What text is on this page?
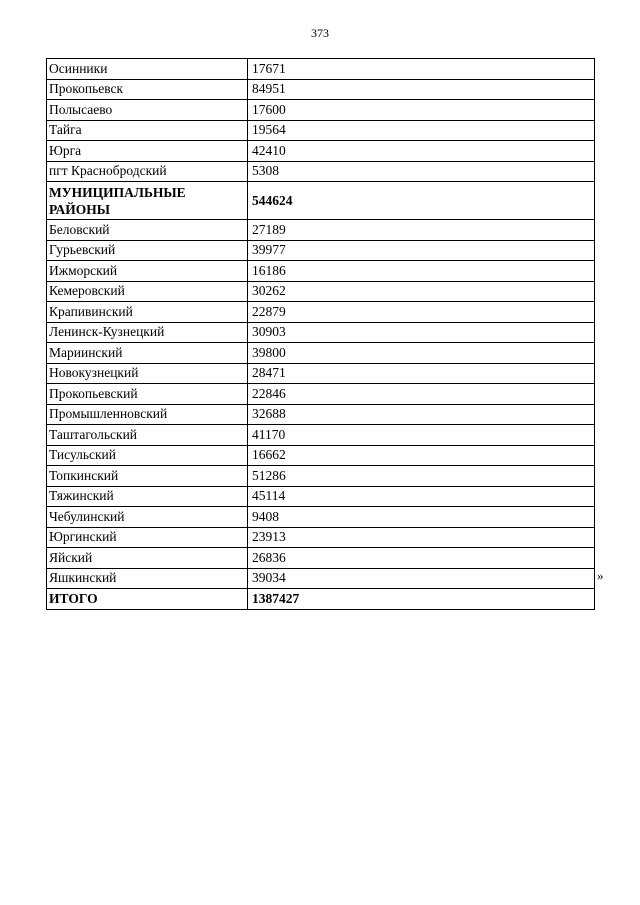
373
Осинники	17671
Прокопьевск	84951
Полысаево	17600
Тайга	19564
Юрга	42410
пгт Краснобродский	5308
МУНИЦИПАЛЬНЫЕ РАЙОНЫ	544624
Беловский	27189
Гурьевский	39977
Ижморский	16186
Кемеровский	30262
Крапивинский	22879
Ленинск-Кузнецкий	30903
Мариинский	39800
Новокузнецкий	28471
Прокопьевский	22846
Промышленновский	32688
Таштагольский	41170
Тисульский	16662
Топкинский	51286
Тяжинский	45114
Чебулинский	9408
Юргинский	23913
Яйский	26836
Яшкинский	39034
ИТОГО	1387427
»
